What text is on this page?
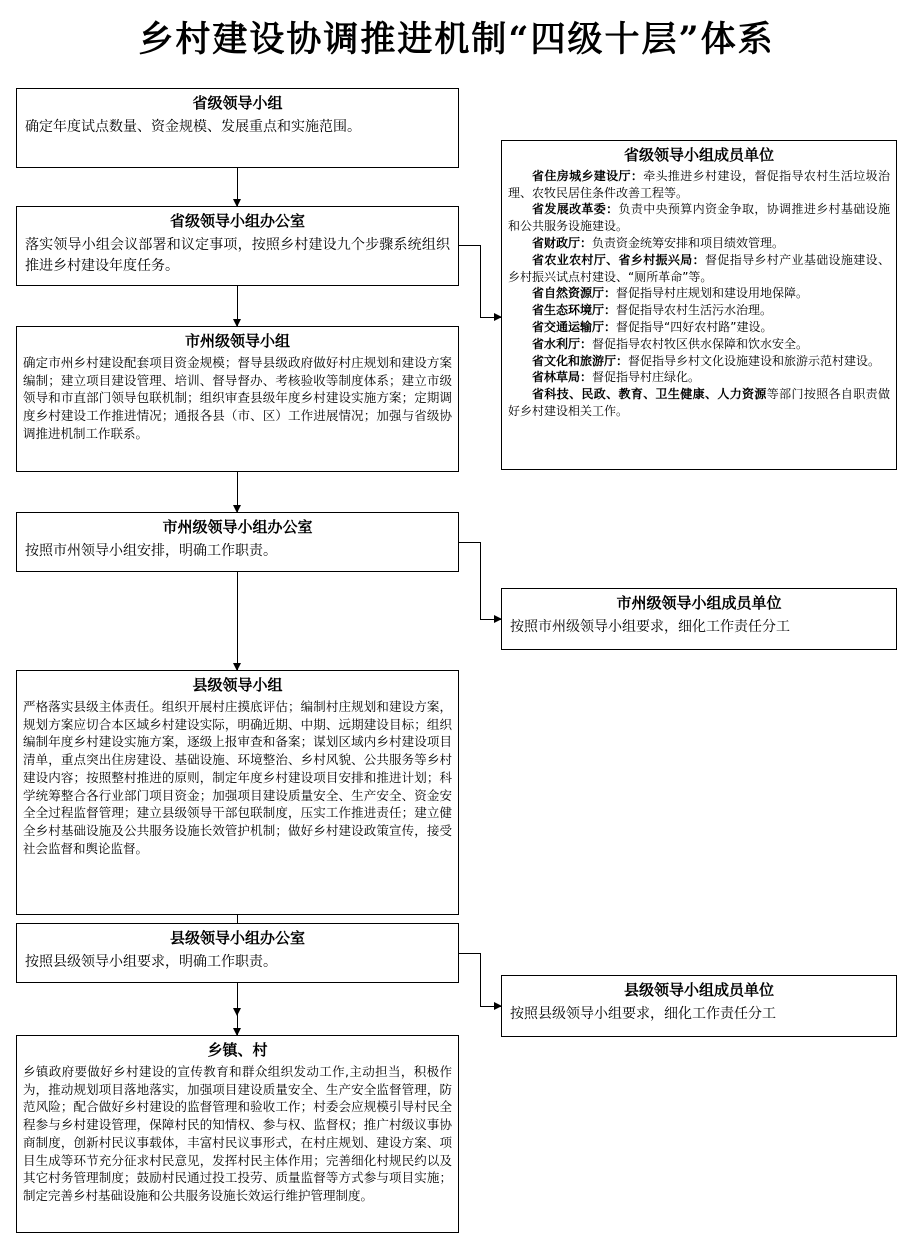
乡村建设协调推进机制“四级十层”体系
省级领导小组
确定年度试点数量、资金规模、发展重点和实施范围。
省级领导小组办公室
落实领导小组会议部署和议定事项，按照乡村建设九个步骤系统组织推进乡村建设年度任务。
市州级领导小组
确定市州乡村建设配套项目资金规模；督导县级政府做好村庄规划和建设方案编制；建立项目建设管理、培训、督导督办、考核验收等制度体系；建立市级领导和市直部门领导包联机制；组织审查县级年度乡村建设实施方案；定期调度乡村建设工作推进情况；通报各县（市、区）工作进展情况；加强与省级协调推进机制工作联系。
市州级领导小组办公室
按照市州领导小组安排，明确工作职责。
县级领导小组
严格落实县级主体责任。组织开展村庄摸底评估；编制村庄规划和建设方案，规划方案应切合本区域乡村建设实际，明确近期、中期、远期建设目标；组织编制年度乡村建设实施方案，逐级上报审查和备案；谋划区域内乡村建设项目清单，重点突出住房建设、基础设施、环境整治、乡村风貌、公共服务等乡村建设内容；按照整村推进的原则，制定年度乡村建设项目安排和推进计划；科学统筹整合各行业部门项目资金；加强项目建设质量安全、生产安全、资金安全全过程监督管理；建立县级领导干部包联制度，压实工作推进责任；建立健全乡村基础设施及公共服务设施长效管护机制；做好乡村建设政策宣传，接受社会监督和舆论监督。
县级领导小组办公室
按照县级领导小组要求，明确工作职责。
乡镇、村
乡镇政府要做好乡村建设的宣传教育和群众组织发动工作,主动担当，积极作为，推动规划项目落地落实，加强项目建设质量安全、生产安全监督管理，防范风险；配合做好乡村建设的监督管理和验收工作；村委会应规模引导村民全程参与乡村建设管理，保障村民的知情权、参与权、监督权；推广村级议事协商制度，创新村民议事载体，丰富村民议事形式，在村庄规划、建设方案、项目生成等环节充分征求村民意见，发挥村民主体作用；完善细化村规民约以及其它村务管理制度；鼓励村民通过投工投劳、质量监督等方式参与项目实施；制定完善乡村基础设施和公共服务设施长效运行维护管理制度。
省级领导小组成员单位

省住房城乡建设厅：牵头推进乡村建设，督促指导农村生活垃圾治理、农牧民居住条件改善工程等。

省发展改革委：负责中央预算内资金争取，协调推进乡村基础设施和公共服务设施建设。

省财政厅：负责资金统筹安排和项目绩效管理。

省农业农村厅、省乡村振兴局：督促指导乡村产业基础设施建设、乡村振兴试点村建设、“厕所革命”等。

省自然资源厅：督促指导村庄规划和建设用地保障。

省生态环境厅：督促指导农村生活污水治理。

省交通运输厅：督促指导“四好农村路”建设。

省水利厅：督促指导农村牧区供水保障和饮水安全。

省文化和旅游厅：督促指导乡村文化设施建设和旅游示范村建设。

省林草局：督促指导村庄绿化。

省科技、民政、教育、卫生健康、人力资源等部门按照各自职责做好乡村建设相关工作。

市州级领导小组成员单位
按照市州级领导小组要求，细化工作责任分工
县级领导小组成员单位
按照县级领导小组要求，细化工作责任分工
